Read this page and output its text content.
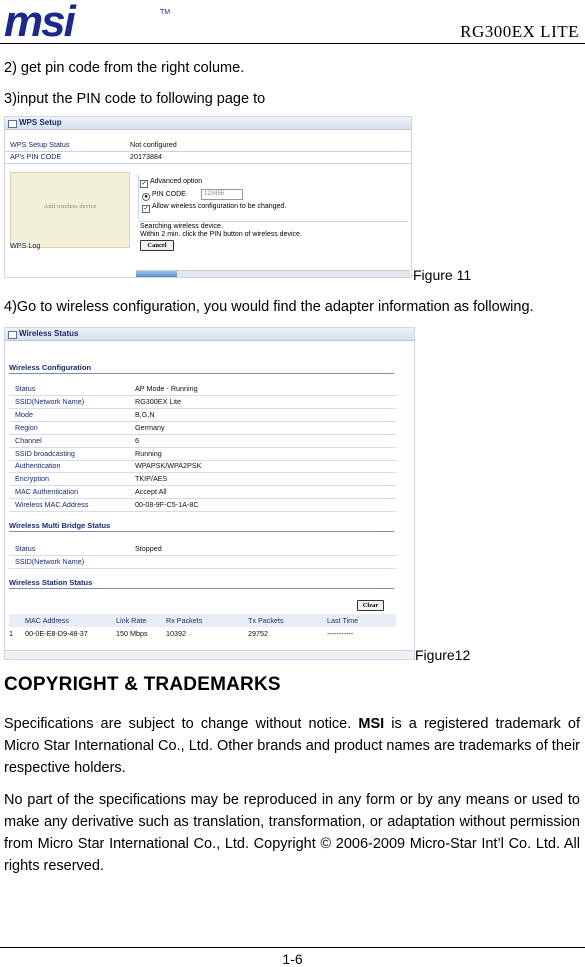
msi	TM
RG300EX LITE
2) get pin code from the right colume.
3)input the PIN code to following page to
WPS Setup
WPS Setup Status	Not configured
AP's PIN CODE	20173884
Add wireless device
✓ Advanced option
● PIN CODE	123456
✓ Allow wireless configuration to be changed.
WPS Log
Searching wireless device.
Within 2 min. click the PIN button of wireless device.
Cancel
Figure 11
4)Go to wireless configuration, you would find the adapter information as following.
Wireless Status
Wireless Configuration
Status	AP Mode - Running
SSID(Network Name)	RG300EX Lite
Mode	B,G,N
Region	Germany
Channel	6
SSID broadcasting	Running
Authentication	WPAPSK/WPA2PSK
Encryption	TKIP/AES
MAC Authentication	Accept All
Wireless MAC Address	00-08-9F-C5-1A-8C
Wireless Multi Bridge Status
Status	Stopped
SSID(Network Name)
Wireless Station Status
Clear
MAC Address	Link Rate	Rx Packets	Tx Packets	Last Time
1 00-0E-E8-D9-48-37	150 Mbps	10392	29752	-----------
Figure12
COPYRIGHT & TRADEMARKS
Specifications are subject to change without notice. MSI is a registered trademark of Micro Star International Co., Ltd. Other brands and product names are trademarks of their respective holders.
No part of the specifications may be reproduced in any form or by any means or used to make any derivative such as translation, transformation, or adaptation without permission from Micro Star International Co., Ltd. Copyright © 2006-2009 Micro-Star Int’l Co. Ltd. All rights reserved.
1-6
